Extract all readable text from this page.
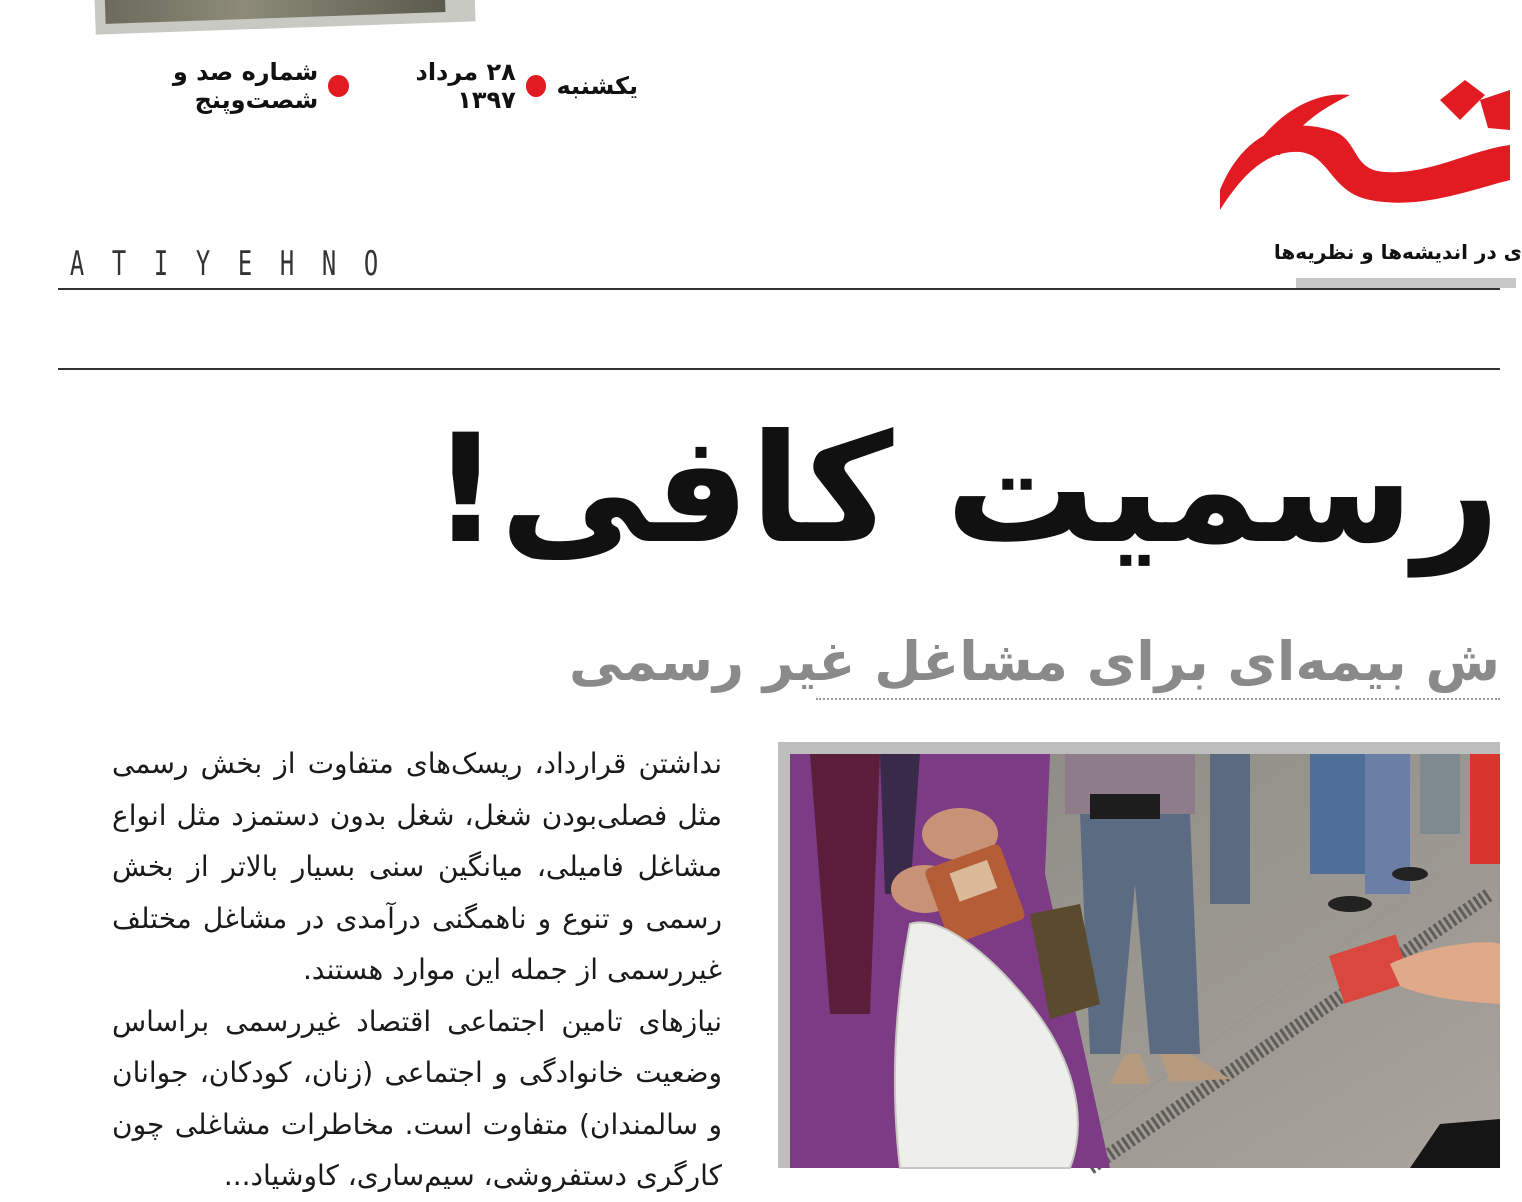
یکشنبه
۲۸ مرداد ۱۳۹۷
شماره صد و شصت‌وپنج
ی در اندیشه‌ها و نظریه‌ها
A T I Y E H N O
رسمیت کافی!
ش بیمه‌ای برای مشاغل غیر رسمی

نداشتن قرارداد، ریسک‌های متفاوت از بخش رسمی مثل فصلی‌بودن شغل، شغل بدون دستمزد مثل انواع مشاغل فامیلی، میانگین سنی بسیار بالاتر از بخش رسمی و تنوع و ناهمگنی درآمدی در مشاغل مختلف غیررسمی از جمله این موارد هستند.

نیازهای تامین اجتماعی اقتصاد غیررسمی براساس وضعیت خانوادگی و اجتماعی (زنان، کودکان، جوانان و سالمندان) متفاوت است. مخاطرات مشاغلی چون کارگری دستفروشی، سیم‌ساری، کاوشیاد...
